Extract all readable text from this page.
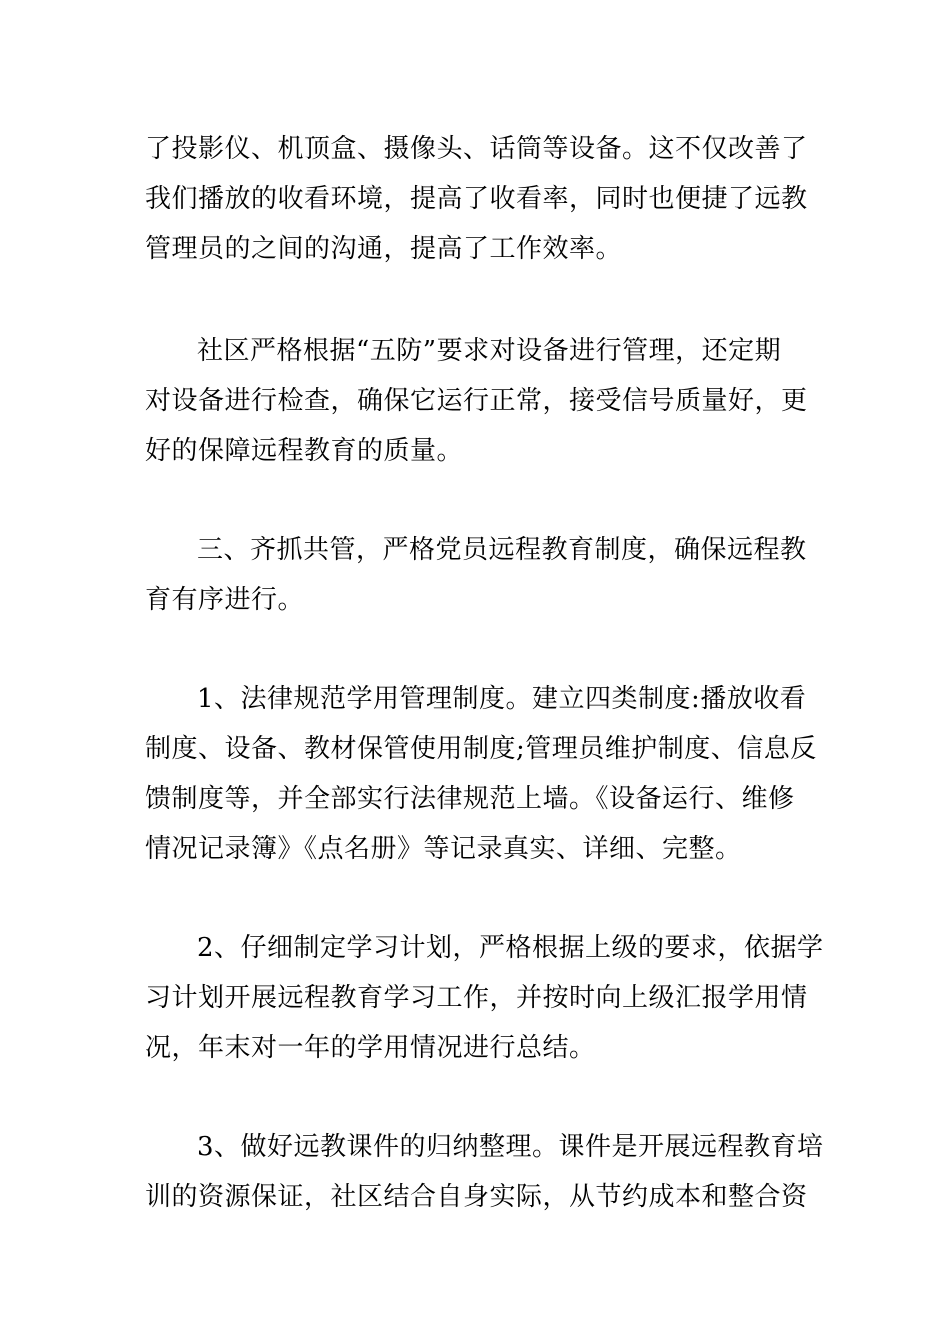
了投影仪、机顶盒、摄像头、话筒等设备。这不仅改善了
我们播放的收看环境，提高了收看率，同时也便捷了远教
管理员的之间的沟通，提高了工作效率。

社区严格根据“五防”要求对设备进行管理，还定期
对设备进行检查，确保它运行正常，接受信号质量好，更
好的保障远程教育的质量。

三、齐抓共管，严格党员远程教育制度，确保远程教
育有序进行。

1、法律规范学用管理制度。建立四类制度:播放收看
制度、设备、教材保管使用制度;管理员维护制度、信息反
馈制度等，并全部实行法律规范上墙。《设备运行、维修
情况记录簿》《点名册》等记录真实、详细、完整。

2、仔细制定学习计划，严格根据上级的要求，依据学
习计划开展远程教育学习工作，并按时向上级汇报学用情
况，年末对一年的学用情况进行总结。

3、做好远教课件的归纳整理。课件是开展远程教育培
训的资源保证，社区结合自身实际，从节约成本和整合资
